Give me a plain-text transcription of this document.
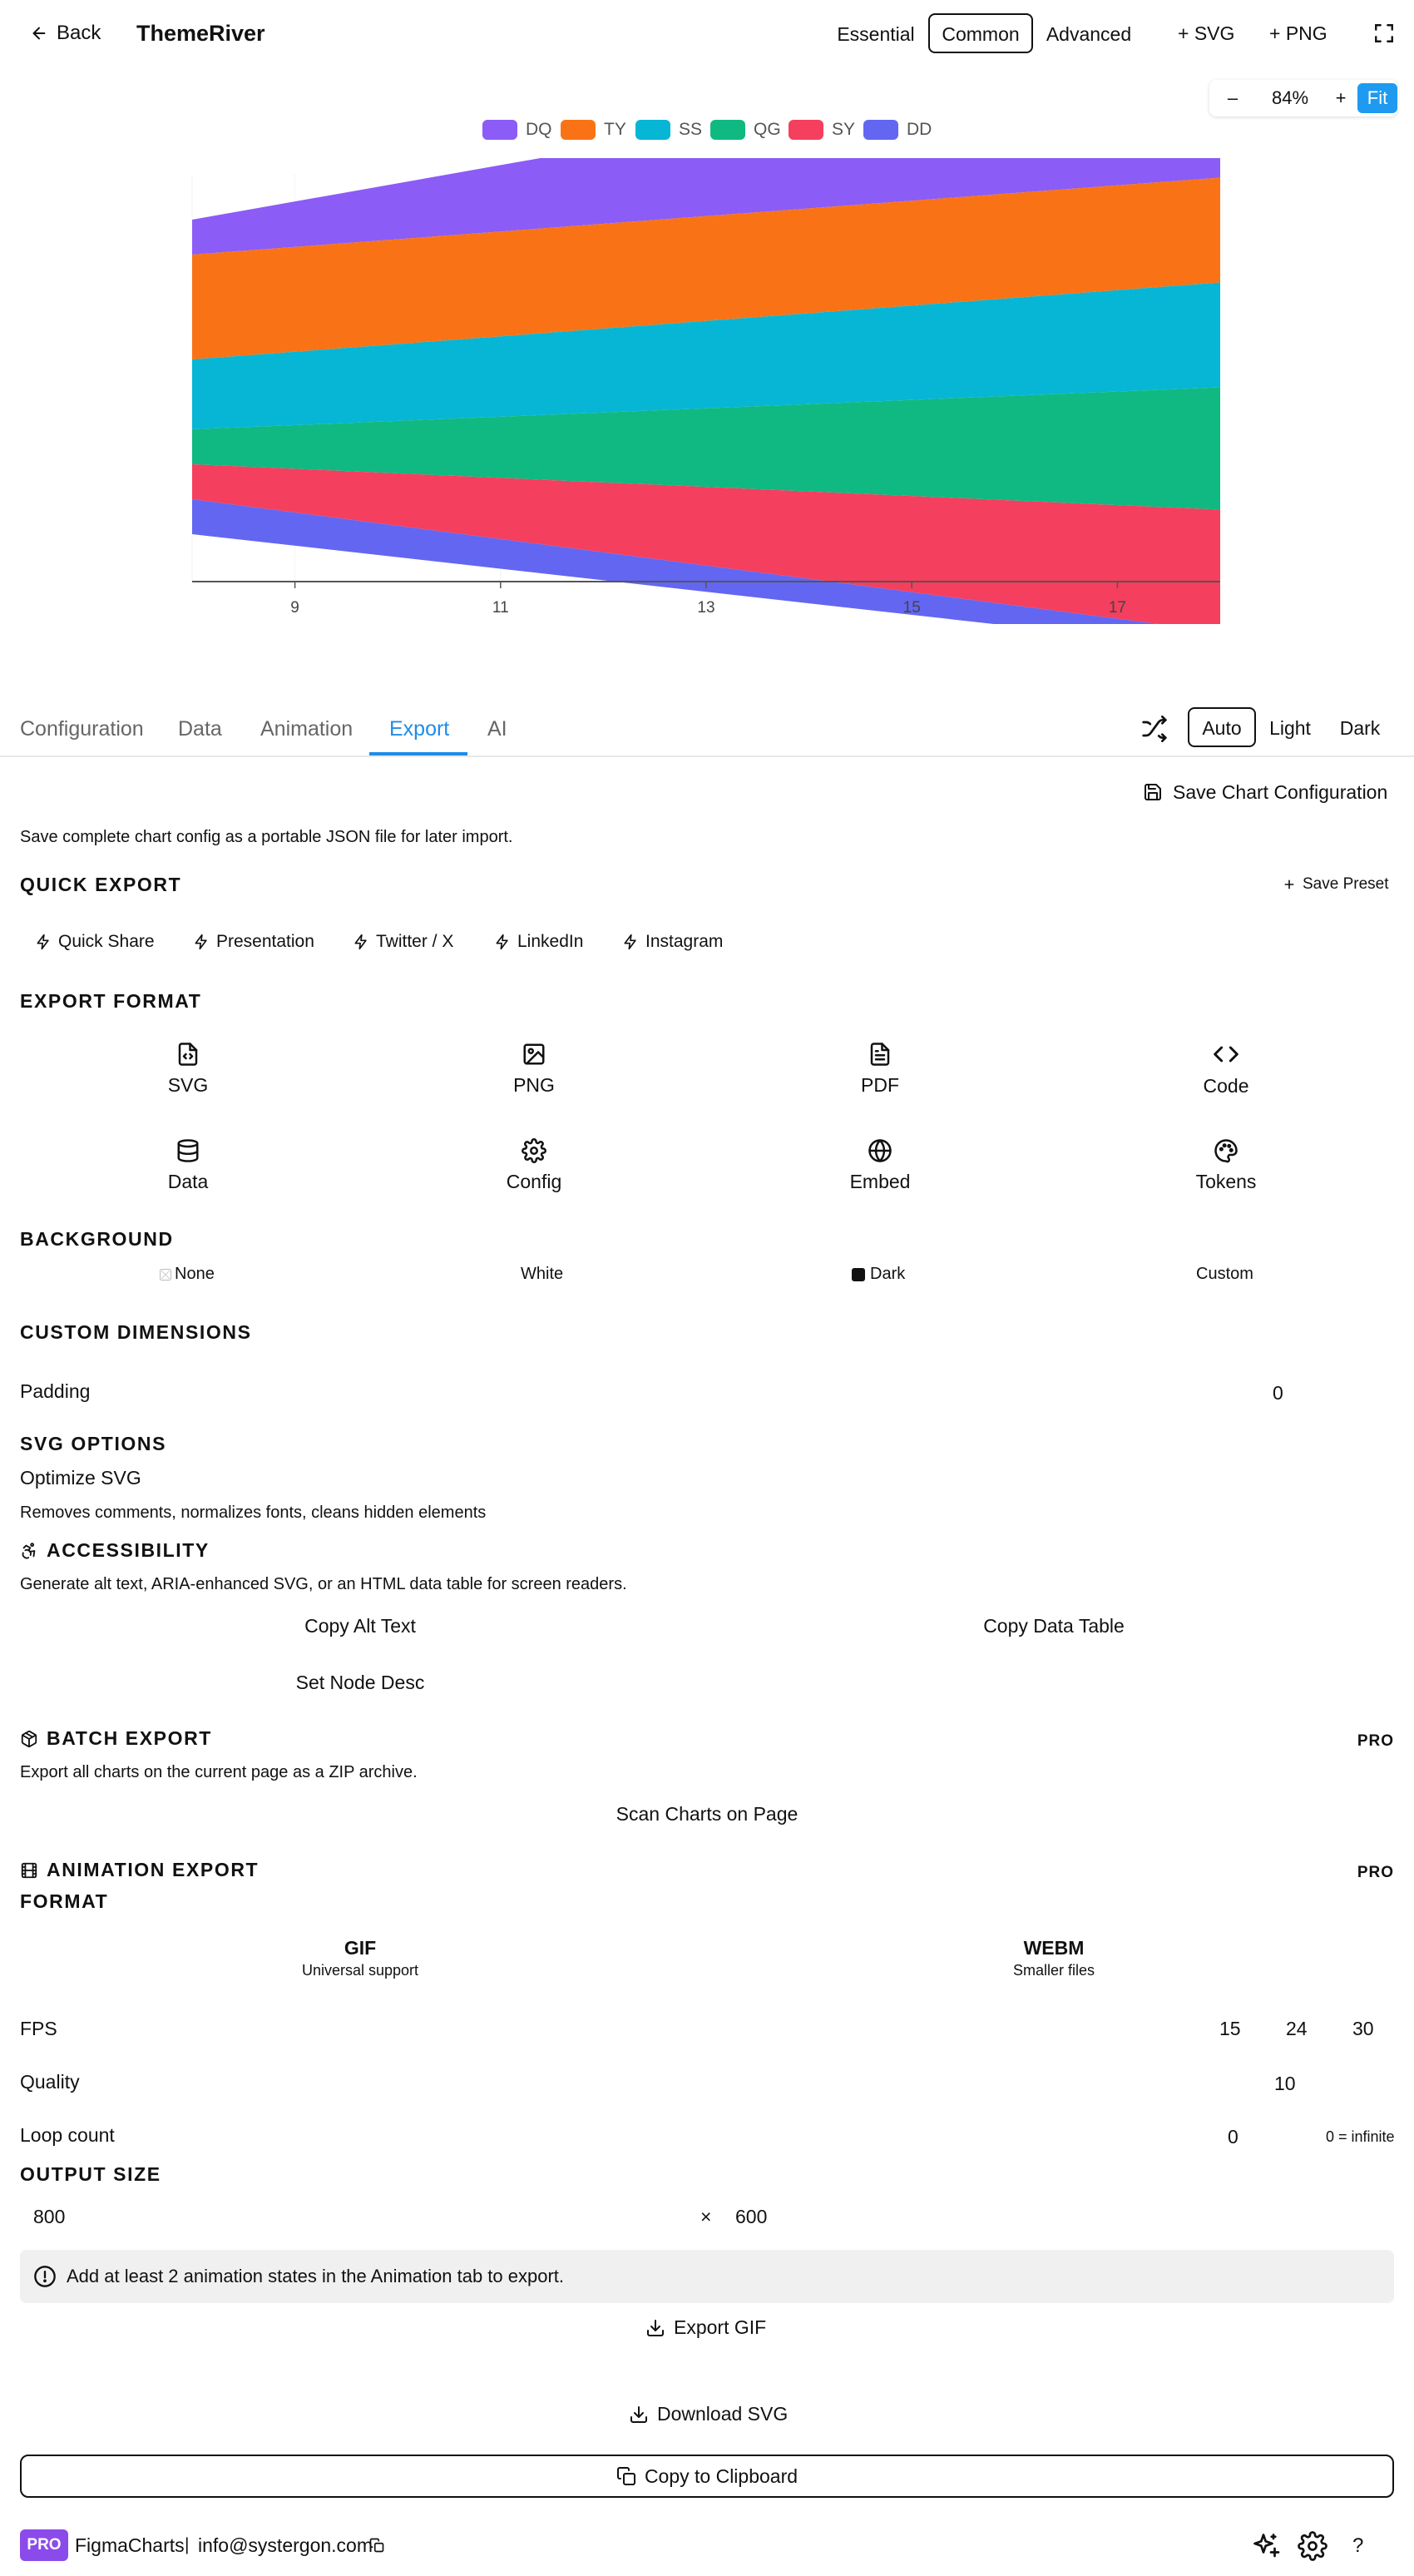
Back ThemeRiver	Essential	Common	Advanced	+ SVG + PNG
–	84%	+	Fit
DQ	TY	SS	QG	SY	DD
9	11	13	15	17
Configuration Data Animation Export AI	Auto	Light	Dark
Save Chart Configuration
Save complete chart config as a portable JSON file for later import.
QUICK EXPORT	Save Preset
Quick Share	Presentation	Twitter / X	LinkedIn	Instagram
EXPORT FORMAT
SVG	PNG	PDF	Code
Data	Config	Embed	Tokens
BACKGROUND
None	White	Dark	Custom
CUSTOM DIMENSIONS
Padding	0
SVG OPTIONS
Optimize SVG
Removes comments, normalizes fonts, cleans hidden elements
ACCESSIBILITY
Generate alt text, ARIA-enhanced SVG, or an HTML data table for screen readers.
Copy Alt Text	Copy Data Table
Set Node Desc
BATCH EXPORT	PRO
Export all charts on the current page as a ZIP archive.
Scan Charts on Page
ANIMATION EXPORT	PRO
FORMAT
GIF
Universal support
WEBM
Smaller files
FPS	15 24 30
Quality	10
Loop count	0	0 = infinite
OUTPUT SIZE
800	× 600
Add at least 2 animation states in the Animation tab to export.
Export GIF
Download SVG
Copy to Clipboard
PRO FigmaCharts | info@systergon.com	?
